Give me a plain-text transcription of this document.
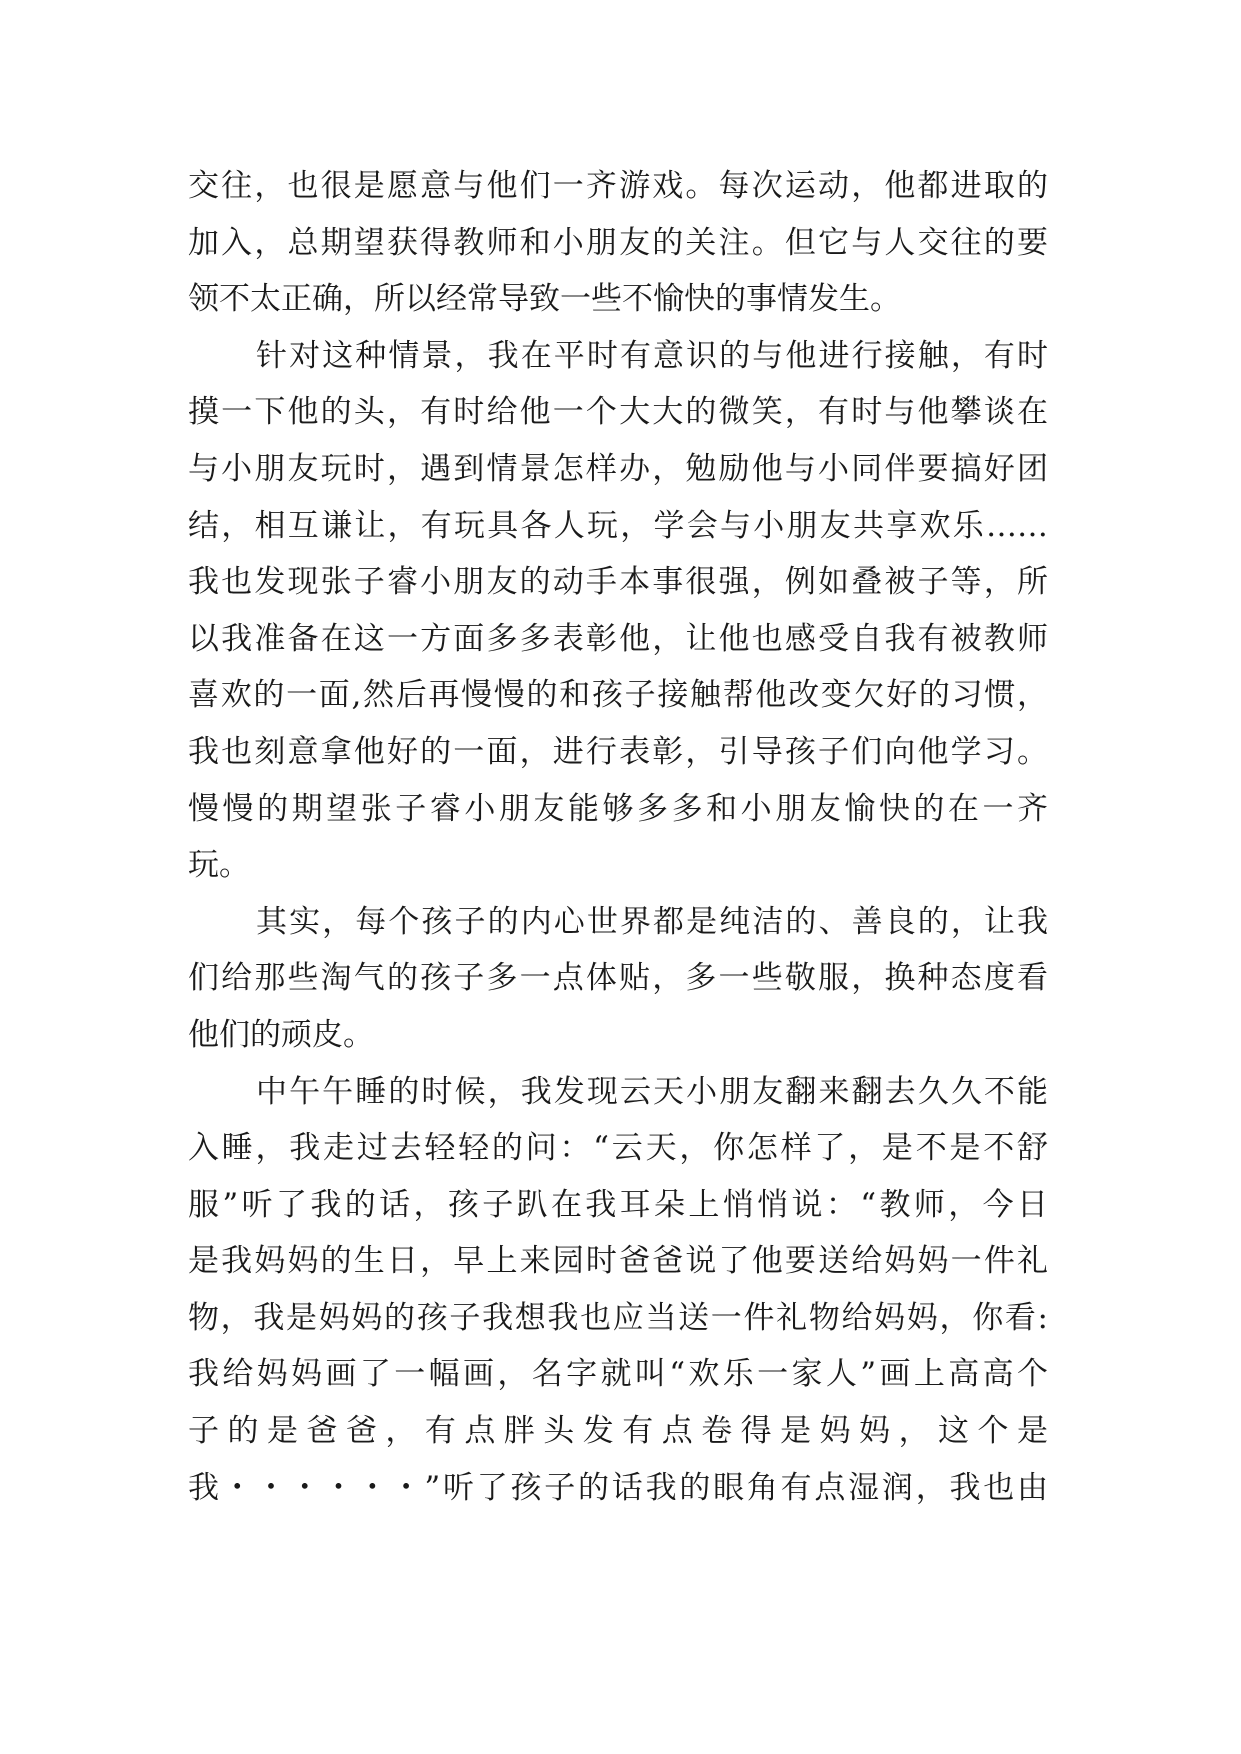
交往，也很是愿意与他们一齐游戏。每次运动，他都进取的
加入，总期望获得教师和小朋友的关注。但它与人交往的要
领不太正确，所以经常导致一些不愉快的事情发生。
针对这种情景，我在平时有意识的与他进行接触，有时
摸一下他的头，有时给他一个大大的微笑，有时与他攀谈在
与小朋友玩时，遇到情景怎样办，勉励他与小同伴要搞好团
结，相互谦让，有玩具各人玩，学会与小朋友共享欢乐……
我也发现张子睿小朋友的动手本事很强，例如叠被子等，所
以我准备在这一方面多多表彰他，让他也感受自我有被教师
喜欢的一面,然后再慢慢的和孩子接触帮他改变欠好的习惯，
我也刻意拿他好的一面，进行表彰，引导孩子们向他学习。
慢慢的期望张子睿小朋友能够多多和小朋友愉快的在一齐
玩。
其实，每个孩子的内心世界都是纯洁的、善良的，让我
们给那些淘气的孩子多一点体贴，多一些敬服，换种态度看
他们的顽皮。
中午午睡的时候，我发现云天小朋友翻来翻去久久不能
入睡，我走过去轻轻的问：“云天，你怎样了，是不是不舒
服”听了我的话，孩子趴在我耳朵上悄悄说：“教师，今日
是我妈妈的生日，早上来园时爸爸说了他要送给妈妈一件礼
物，我是妈妈的孩子我想我也应当送一件礼物给妈妈，你看:
我给妈妈画了一幅画，名字就叫“欢乐一家人”画上高高个
子的是爸爸，有点胖头发有点卷得是妈妈，这个是
我・・・・・・”听了孩子的话我的眼角有点湿润，我也由
